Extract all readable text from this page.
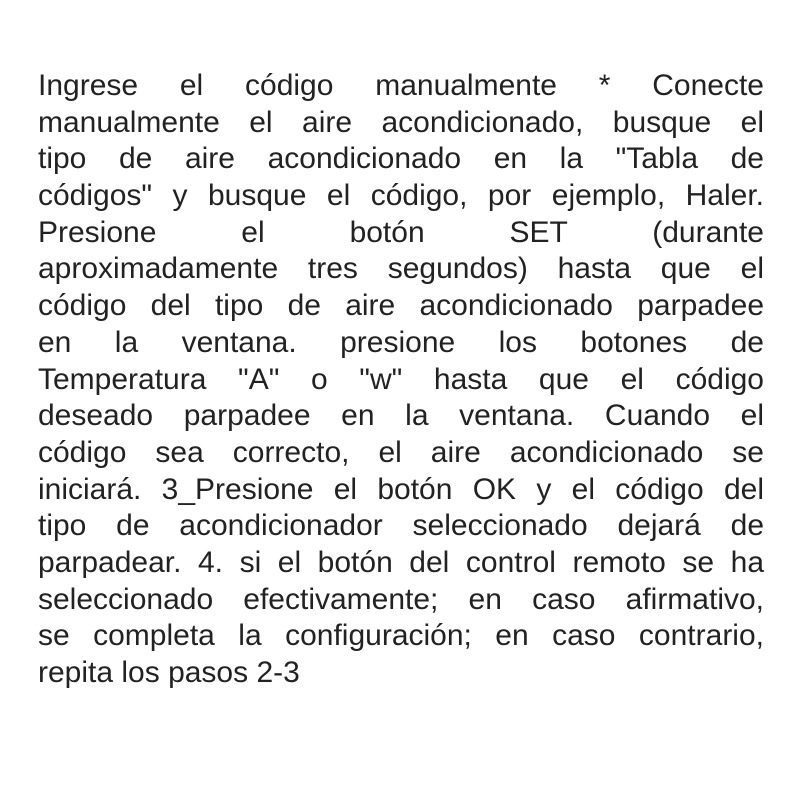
Ingrese el código manualmente * Conecte
manualmente el aire acondicionado, busque el
tipo de aire acondicionado en la "Tabla de
códigos" y busque el código, por ejemplo, Haler.
Presione el botón SET (durante
aproximadamente tres segundos) hasta que el
código del tipo de aire acondicionado parpadee
en la ventana. presione los botones de
Temperatura "A" o "w" hasta que el código
deseado parpadee en la ventana. Cuando el
código sea correcto, el aire acondicionado se
iniciará. 3_Presione el botón OK y el código del
tipo de acondicionador seleccionado dejará de
parpadear. 4. si el botón del control remoto se ha
seleccionado efectivamente; en caso afirmativo,
se completa la configuración; en caso contrario,
repita los pasos 2-3
